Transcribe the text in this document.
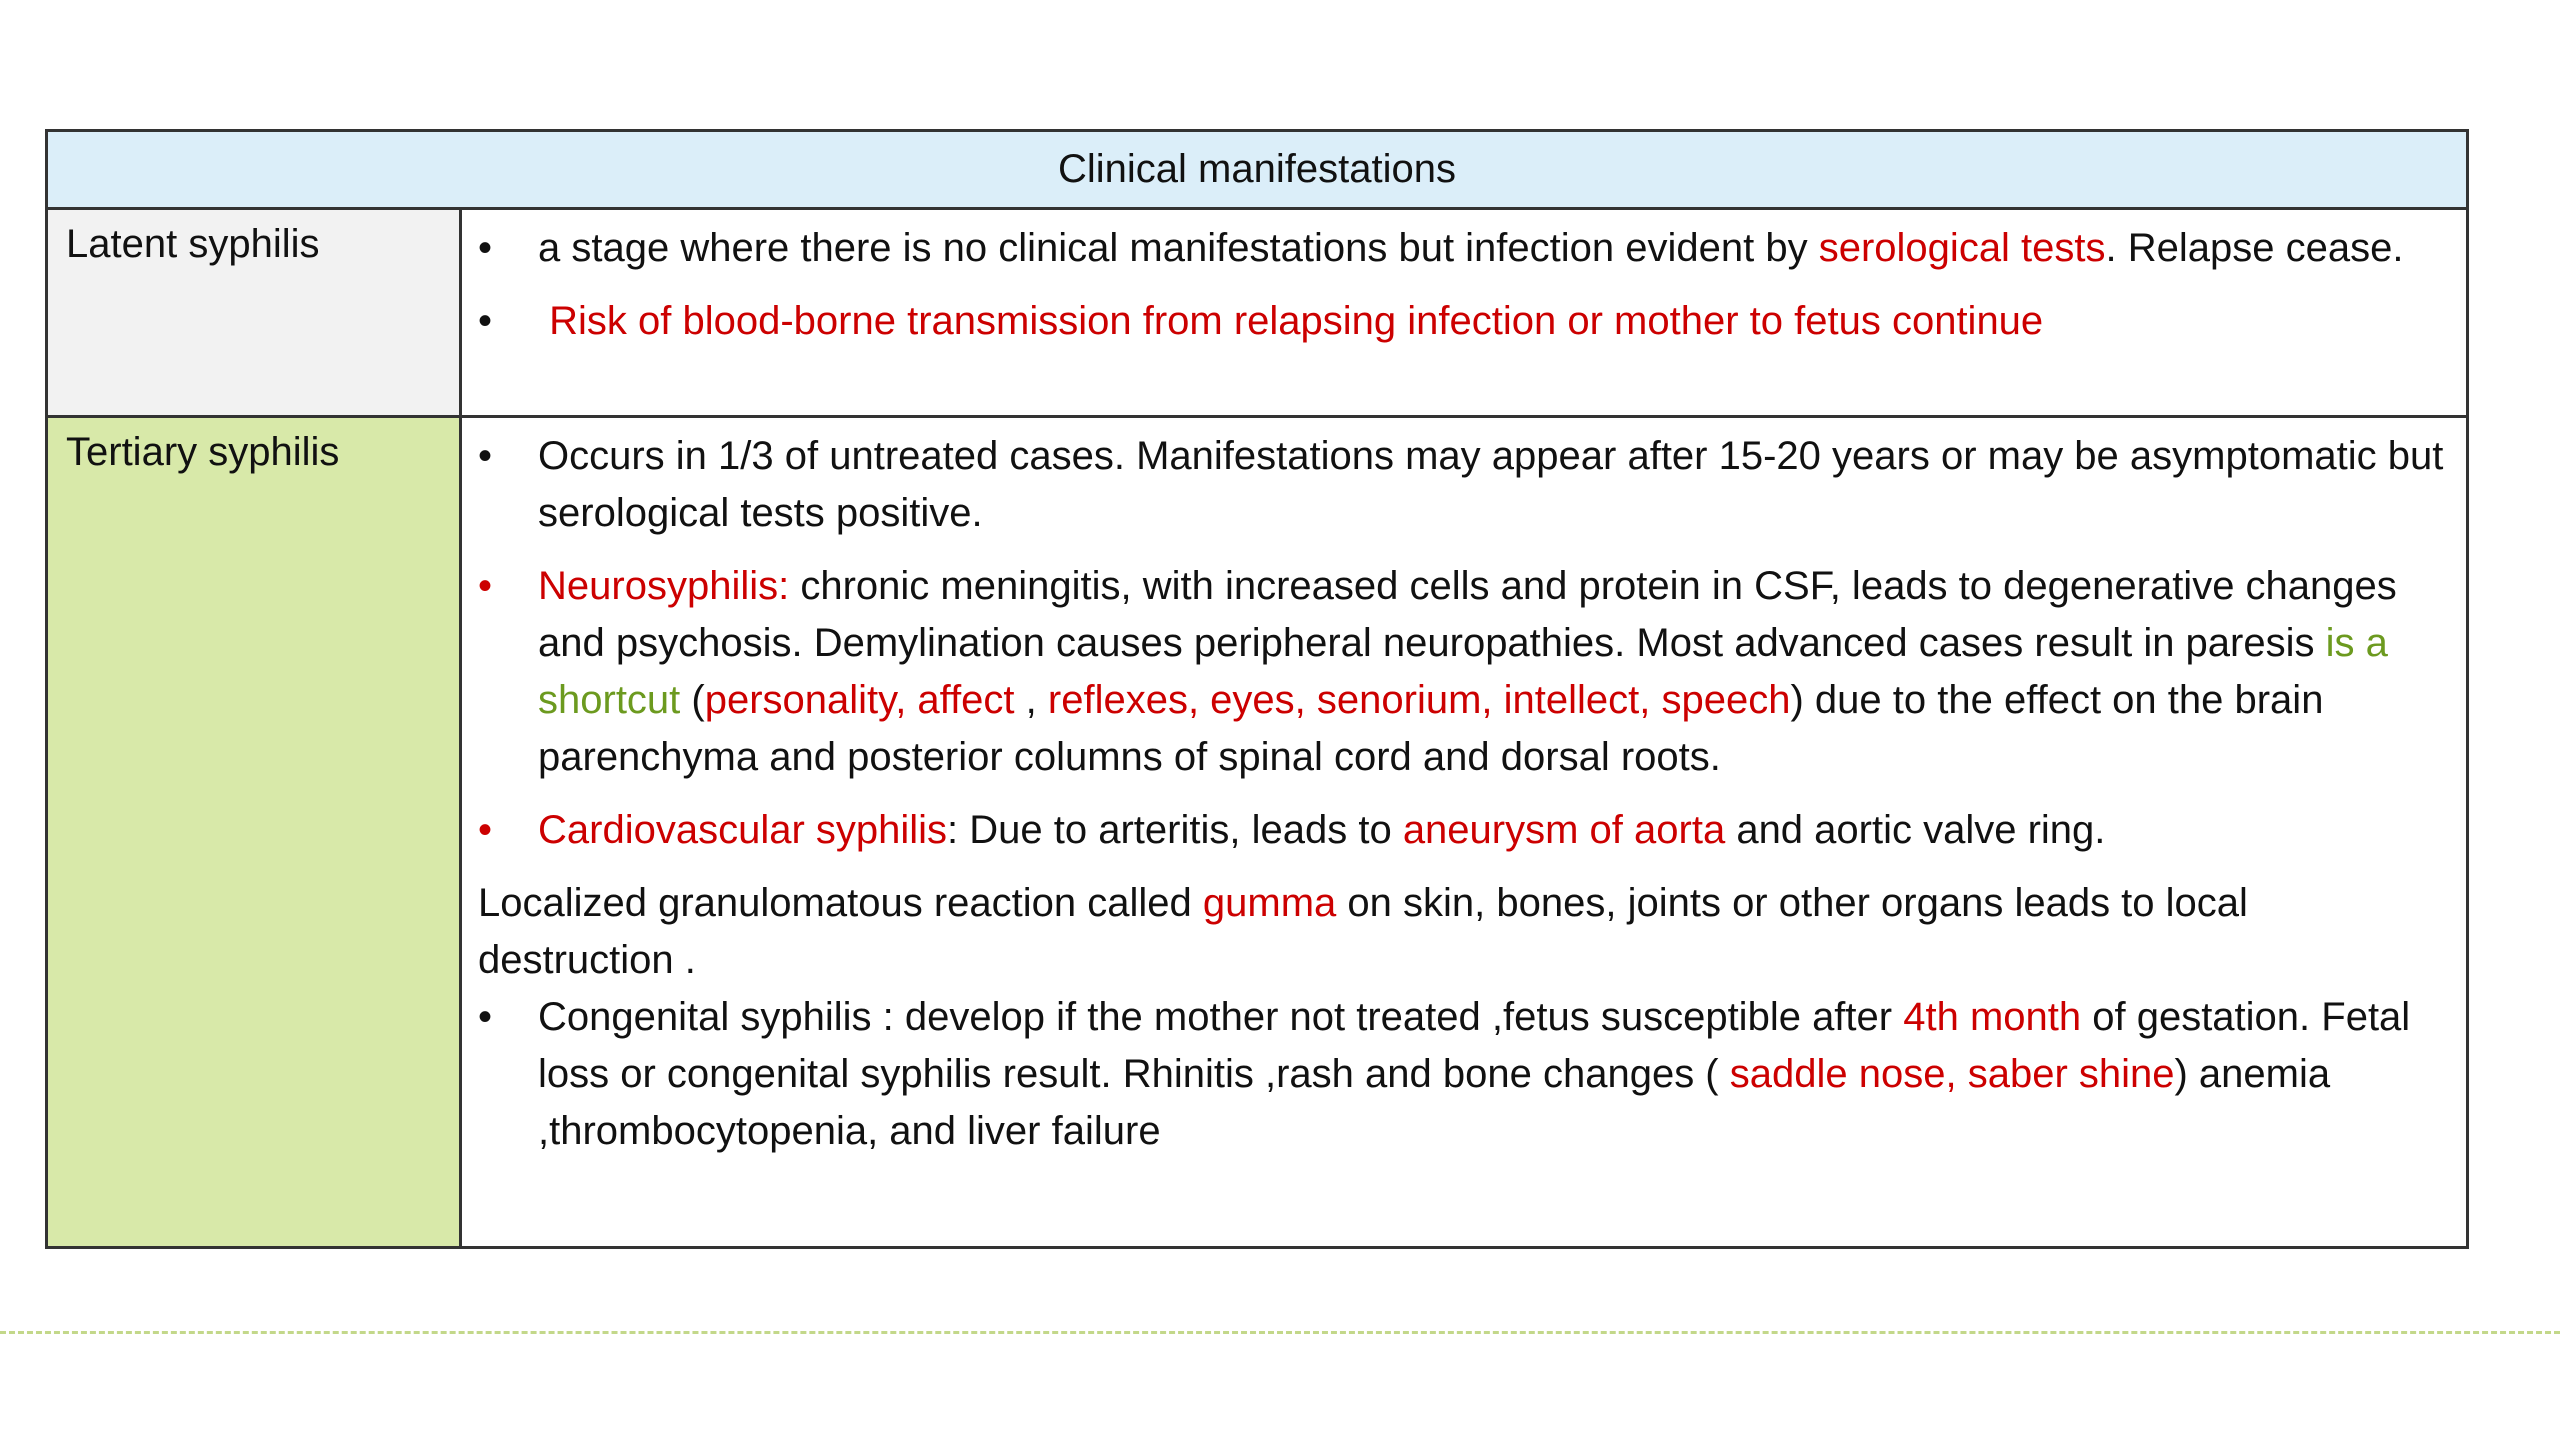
Clinical manifestations
Latent syphilis	•	a stage where there is no clinical manifestations but infection evident by serological tests. Relapse cease.
•	Risk of blood-borne transmission from relapsing infection or mother to fetus continue
Tertiary syphilis	•	Occurs in 1/3 of untreated cases. Manifestations may appear after 15-20 years or may be asymptomatic but serological tests positive.
•	Neurosyphilis: chronic meningitis, with increased cells and protein in CSF, leads to degenerative changes and psychosis. Demylination causes peripheral neuropathies. Most advanced cases result in paresis is a shortcut (personality, affect , reflexes, eyes, senorium, intellect, speech) due to the effect on the brain parenchyma and posterior columns of spinal cord and dorsal roots.
•	Cardiovascular syphilis: Due to arteritis, leads to aneurysm of aorta and aortic valve ring.
Localized granulomatous reaction called gumma on skin, bones, joints or other organs leads to local destruction .
•	Congenital syphilis : develop if the mother not treated ,fetus susceptible after 4th month of gestation. Fetal loss or congenital syphilis result. Rhinitis ,rash and bone changes ( saddle nose, saber shine) anemia ,thrombocytopenia, and liver failure
